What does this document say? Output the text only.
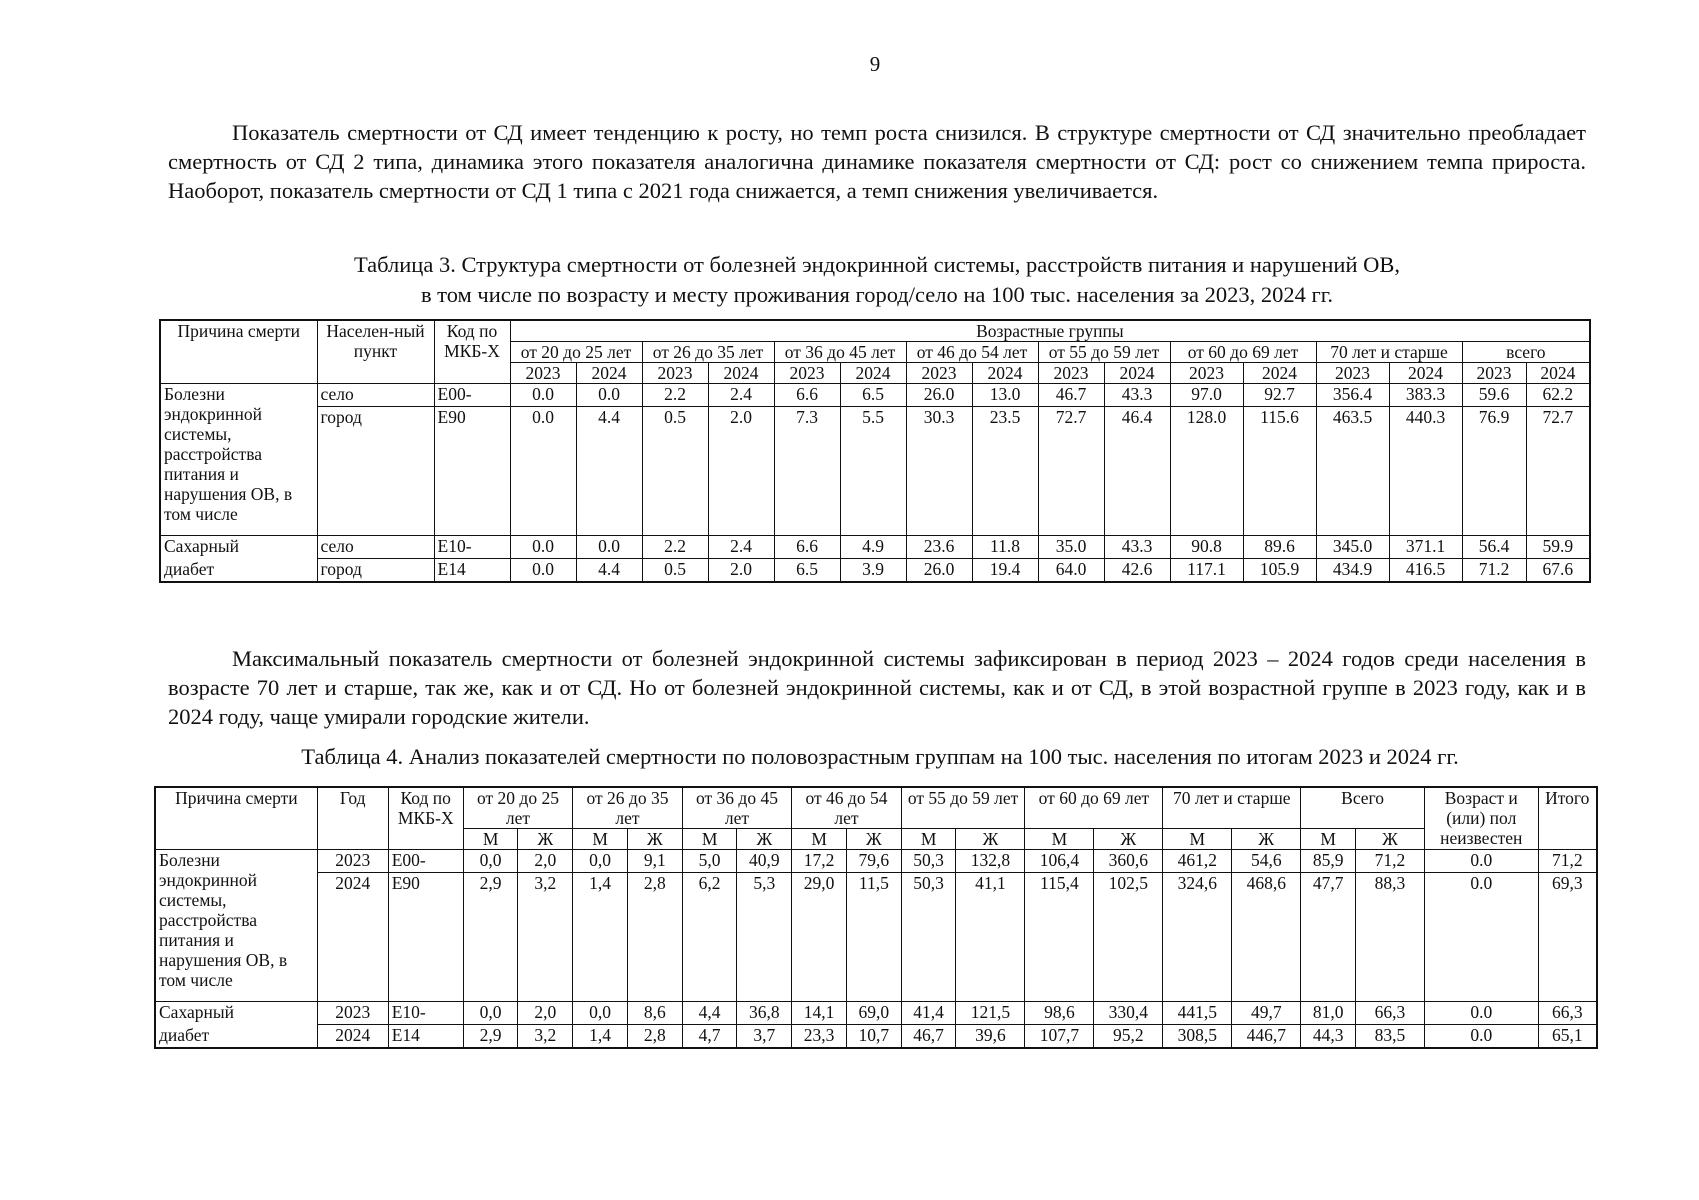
9

Показатель смертности от СД имеет тенденцию к росту, но темп роста снизился. В структуре смертности от СД значительно преобладает смертность от СД 2 типа, динамика этого показателя аналогична динамике показателя смертности от СД: рост со снижением темпа прироста. Наоборот, показатель смертности от СД 1 типа с 2021 года снижается, а темп снижения увеличивается.

Таблица 3. Структура смертности от болезней эндокринной системы, расстройств питания и нарушений ОВ,
в том числе по возрасту и месту проживания город/село на 100 тыс. населения за 2023, 2024 гг.

Причина смерти	Населен-ный пункт	Код по МКБ-Х	Возрастные группы															
			от 20 до 25 лет		от 26 до 35 лет		от 36 до 45 лет		от 46 до 54 лет		от 55 до 59 лет		от 60 до 69 лет		70 лет и старше		всего	
			2023	2024	2023	2024	2023	2024	2023	2024	2023	2024	2023	2024	2023	2024	2023	2024
Болезни эндокринной системы, расстройства питания и нарушения ОВ, в том числе	село	E00-	0.0	0.0	2.2	2.4	6.6	6.5	26.0	13.0	46.7	43.3	97.0	92.7	356.4	383.3	59.6	62.2
	город	E90	0.0	4.4	0.5	2.0	7.3	5.5	30.3	23.5	72.7	46.4	128.0	115.6	463.5	440.3	76.9	72.7
Сахарный	село	E10-	0.0	0.0	2.2	2.4	6.6	4.9	23.6	11.8	35.0	43.3	90.8	89.6	345.0	371.1	56.4	59.9
диабет	город	E14	0.0	4.4	0.5	2.0	6.5	3.9	26.0	19.4	64.0	42.6	117.1	105.9	434.9	416.5	71.2	67.6

Максимальный показатель смертности от болезней эндокринной системы зафиксирован в период 2023 – 2024 годов среди населения в возрасте 70 лет и старше, так же, как и от СД. Но от болезней эндокринной системы, как и от СД, в этой возрастной группе в 2023 году, как и в 2024 году, чаще умирали городские жители.

Таблица 4. Анализ показателей смертности по половозрастным группам на 100 тыс. населения по итогам 2023 и 2024 гг.

Причина смерти	Год	Код по МКБ-Х	от 20 до 25 лет		от 26 до 35 лет		от 36 до 45 лет		от 46 до 54 лет		от 55 до 59 лет		от 60 до 69 лет		70 лет и старше		Всего		Возраст и (или) пол неизвестен	Итого
			М	Ж	М	Ж	М	Ж	М	Ж	М	Ж	М	Ж	М	Ж	М	Ж		
Болезни эндокринной системы, расстройства питания и нарушения ОВ, в том числе	2023	E00-	0,0	2,0	0,0	9,1	5,0	40,9	17,2	79,6	50,3	132,8	106,4	360,6	461,2	54,6	85,9	71,2	0.0	71,2
	2024	E90	2,9	3,2	1,4	2,8	6,2	5,3	29,0	11,5	50,3	41,1	115,4	102,5	324,6	468,6	47,7	88,3	0.0	69,3
Сахарный	2023	E10-	0,0	2,0	0,0	8,6	4,4	36,8	14,1	69,0	41,4	121,5	98,6	330,4	441,5	49,7	81,0	66,3	0.0	66,3
диабет	2024	E14	2,9	3,2	1,4	2,8	4,7	3,7	23,3	10,7	46,7	39,6	107,7	95,2	308,5	446,7	44,3	83,5	0.0	65,1
